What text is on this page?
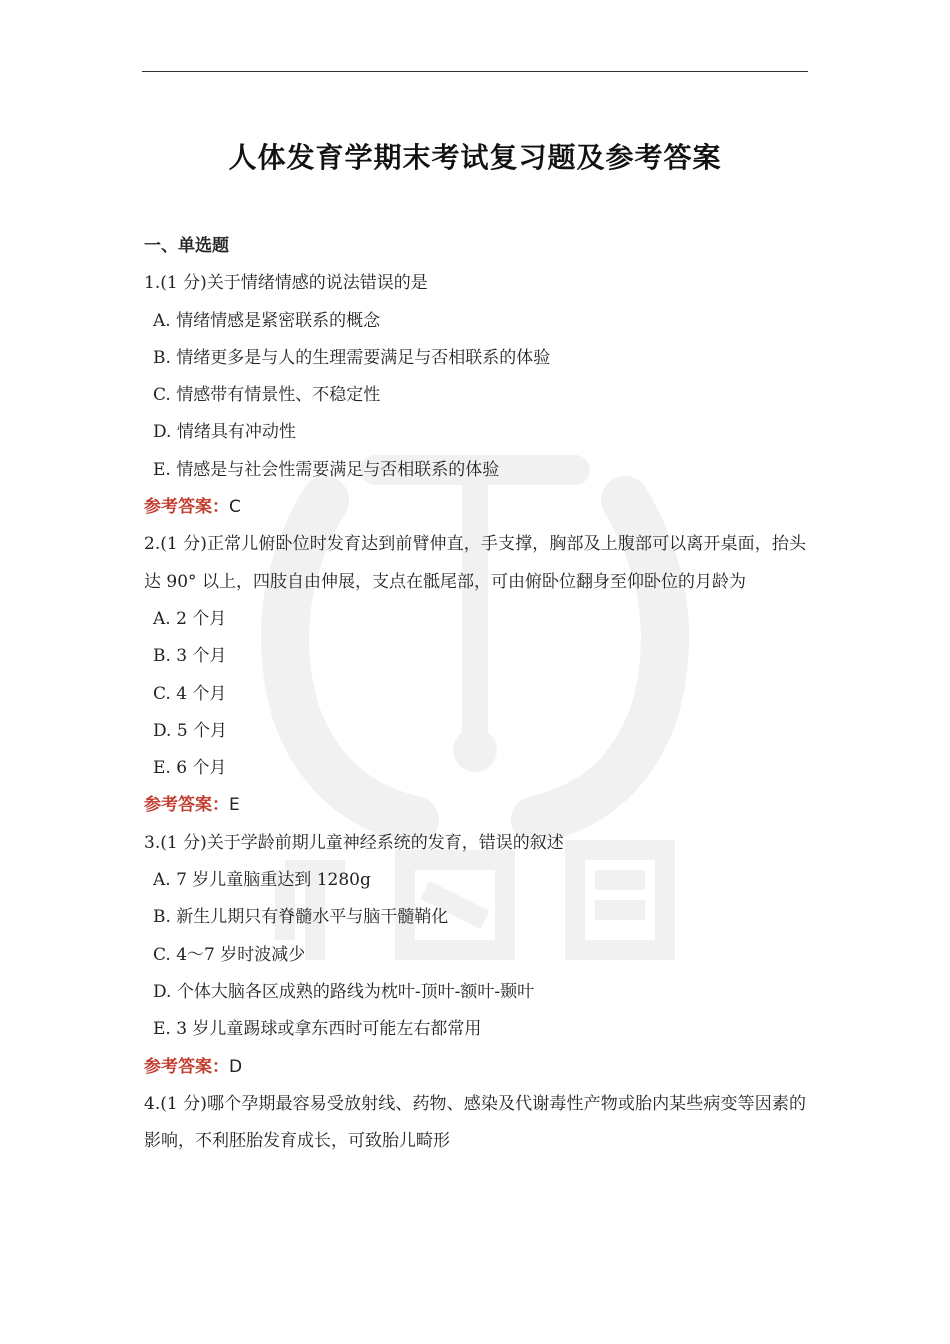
人体发育学期末考试复习题及参考答案
一、单选题
1.(1 分)关于情绪情感的说法错误的是
A. 情绪情感是紧密联系的概念
B. 情绪更多是与人的生理需要满足与否相联系的体验
C. 情感带有情景性、不稳定性
D. 情绪具有冲动性
E. 情感是与社会性需要满足与否相联系的体验
参考答案：C
2.(1 分)正常儿俯卧位时发育达到前臂伸直，手支撑，胸部及上腹部可以离开桌面，抬头达 90° 以上，四肢自由伸展，支点在骶尾部，可由俯卧位翻身至仰卧位的月龄为
A. 2 个月
B. 3 个月
C. 4 个月
D. 5 个月
E. 6 个月
参考答案：E
3.(1 分)关于学龄前期儿童神经系统的发育，错误的叙述
A. 7 岁儿童脑重达到 1280g
B. 新生儿期只有脊髓水平与脑干髓鞘化
C. 4～7 岁时波减少
D. 个体大脑各区成熟的路线为枕叶-顶叶-额叶-颞叶
E. 3 岁儿童踢球或拿东西时可能左右都常用
参考答案：D
4.(1 分)哪个孕期最容易受放射线、药物、感染及代谢毒性产物或胎内某些病变等因素的影响，不利胚胎发育成长，可致胎儿畸形
